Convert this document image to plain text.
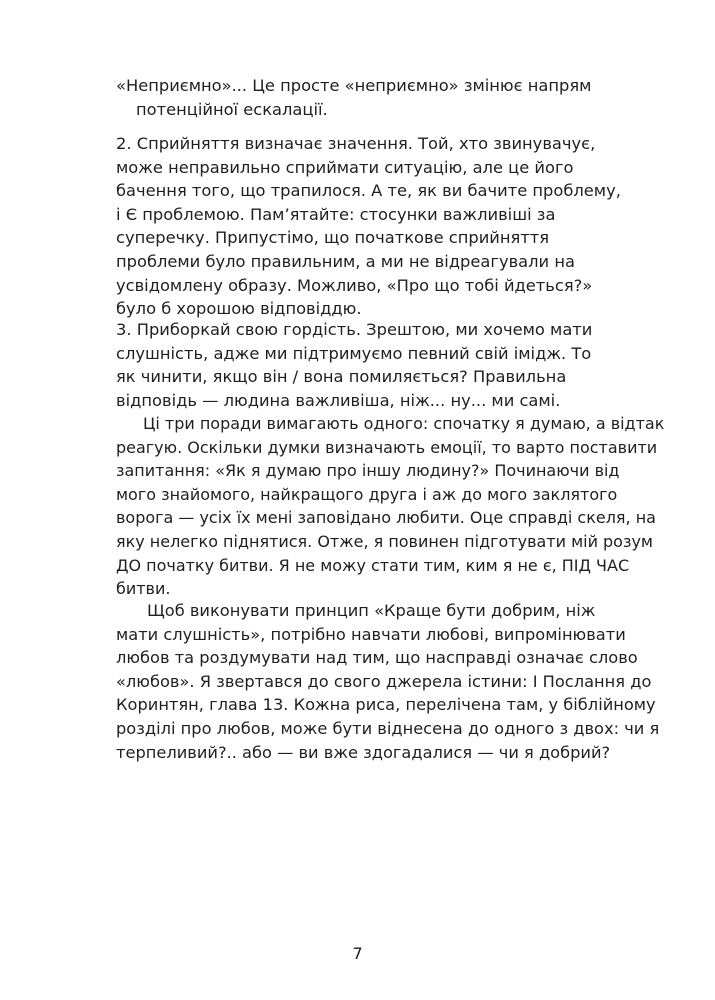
«Неприємно»... Це просте «неприємно» змінює напрям
потенційної ескалації.

2. Сприйняття визначає значення. Той, хто звинувачує,
може неправильно сприймати ситуацію, але це його
бачення того, що трапилося. А те, як ви бачите проблему,
і Є проблемою. Пам’ятайте: стосунки важливіші за
суперечку. Припустімо, що початкове сприйняття
проблеми було правильним, а ми не відреагували на
усвідомлену образу. Можливо, «Про що тобі йдеться?»
було б хорошою відповіддю.

3. Приборкай свою гордість. Зрештою, ми хочемо мати
слушність, адже ми підтримуємо певний свій імідж. То
як чинити, якщо він / вона помиляється? Правильна
відповідь — людина важливіша, ніж... ну... ми самі.

Ці три поради вимагають одного: спочатку я думаю, а відтак
реагую. Оскільки думки визначають емоції, то варто поставити
запитання: «Як я думаю про іншу людину?» Починаючи від
мого знайомого, найкращого друга і аж до мого заклятого
ворога — усіх їх мені заповідано любити. Оце справді скеля, на
яку нелегко піднятися. Отже, я повинен підготувати мій розум
ДО початку битви. Я не можу стати тим, ким я не є, ПІД ЧАС
битви.

Щоб виконувати принцип «Краще бути добрим, ніж
мати слушність», потрібно навчати любові, випромінювати
любов та роздумувати над тим, що насправді означає слово
«любов». Я звертався до свого джерела істини: І Послання до
Коринтян, глава 13. Кожна риса, перелічена там, у біблійному
розділі про любов, може бути віднесена до одного з двох: чи я
терпеливий?.. або — ви вже здогадалися — чи я добрий?

7
